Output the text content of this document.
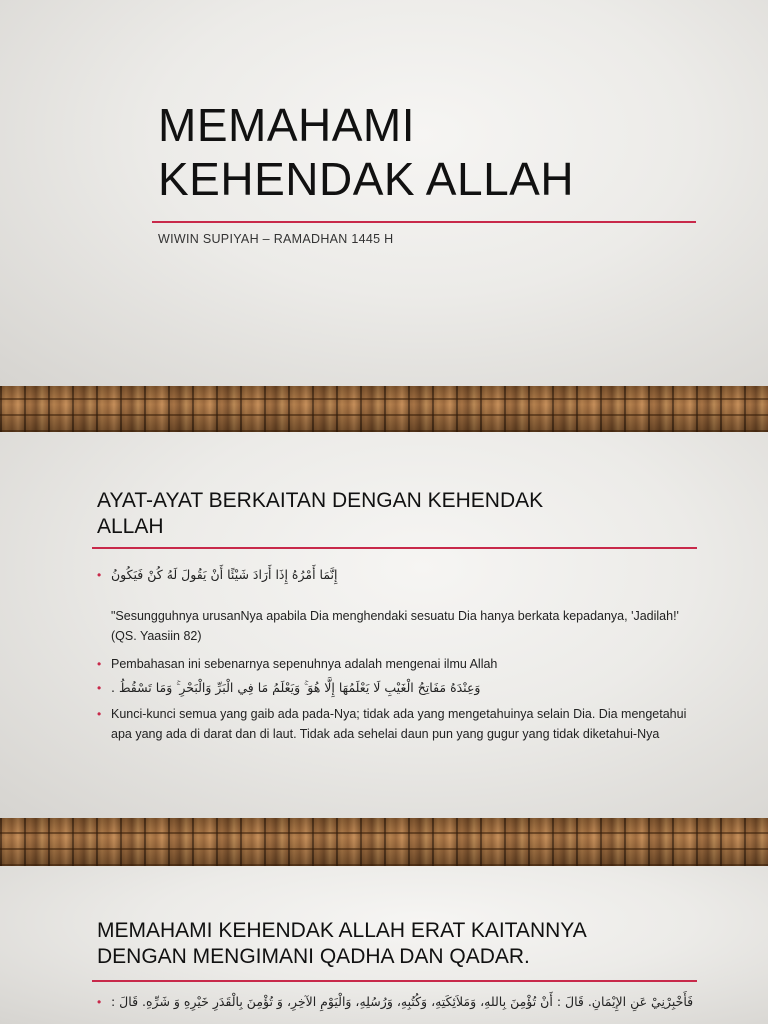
MEMAHAMI
KEHENDAK ALLAH
WIWIN SUPIYAH – RAMADHAN 1445 H
AYAT-AYAT BERKAITAN DENGAN KEHENDAK
ALLAH
• إِنَّمَا أَمْرُهُ إِذَا أَرَادَ شَيْئًا أَنْ يَقُولَ لَهُ كُنْ فَيَكُونُ
"Sesungguhnya urusanNya apabila Dia menghendaki sesuatu Dia hanya berkata kepadanya, 'Jadilah!' (QS. Yaasiin 82)
• Pembahasan ini sebenarnya sepenuhnya adalah mengenai ilmu Allah
• وَعِنْدَهُ مَفَاتِحُ الْغَيْبِ لَا يَعْلَمُهَا إِلَّا هُوَ ۚ وَيَعْلَمُ مَا فِي الْبَرِّ وَالْبَحْرِ ۚ وَمَا تَسْقُطُ .
• Kunci-kunci semua yang gaib ada pada-Nya; tidak ada yang mengetahuinya selain Dia. Dia mengetahui apa yang ada di darat dan di laut. Tidak ada sehelai daun pun yang gugur yang tidak diketahui-Nya
MEMAHAMI KEHENDAK ALLAH ERAT KAITANNYA
DENGAN MENGIMANI QADHA DAN QADAR.
• فَأَخْبِرْنِيْ عَنِ الإِيْمَانِ. قَالَ : أَنْ تُؤْمِنَ بِاللهِ، وَمَلاَئِكَتِهِ، وَكُتُبِهِ، وَرُسُلِهِ، وَالْيَوْمِ الآخِرِ، وَ تُؤْمِنَ بِالْقَدَرِ خَيْرِهِ وَ شَرِّهِ. قَالَ :
